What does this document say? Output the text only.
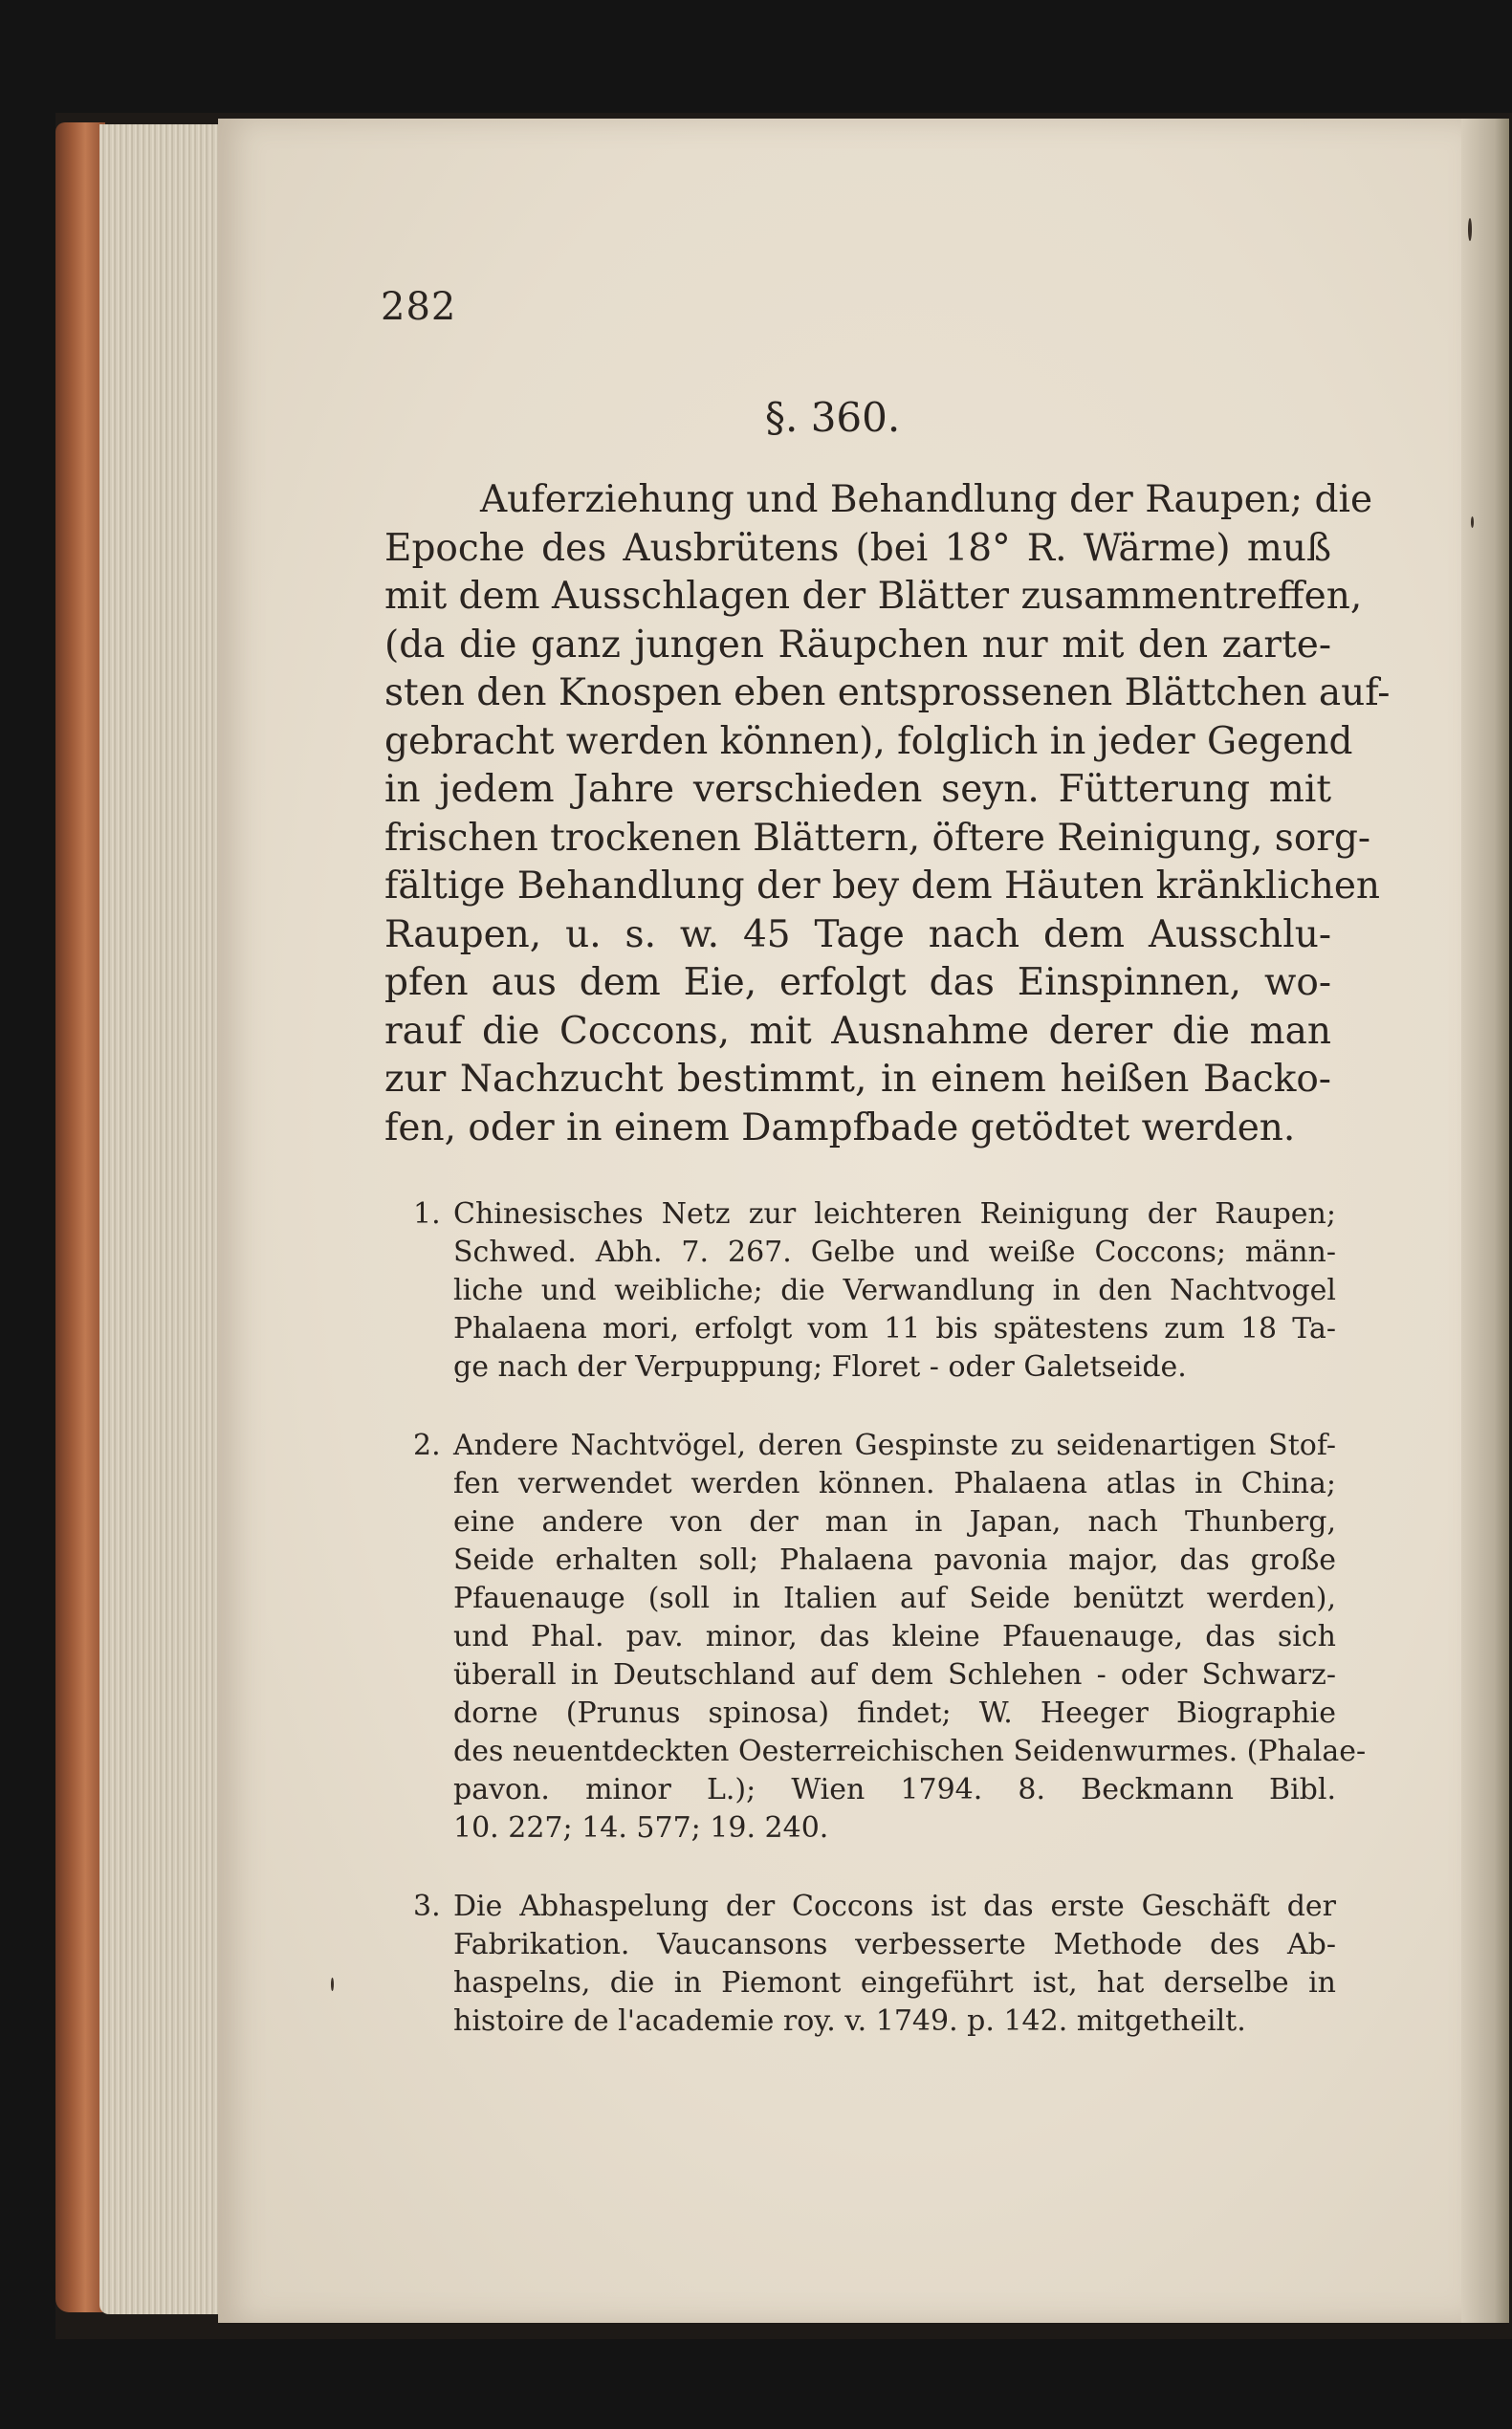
282
§. 360.
Auferziehung und Behandlung der Raupen; die
Epoche des Ausbrütens (bei 18° R. Wärme) muß
mit dem Ausschlagen der Blätter zusammentreffen,
(da die ganz jungen Räupchen nur mit den zarte-
sten den Knospen eben entsprossenen Blättchen auf-
gebracht werden können), folglich in jeder Gegend
in jedem Jahre verschieden seyn. Fütterung mit
frischen trockenen Blättern, öftere Reinigung, sorg-
fältige Behandlung der bey dem Häuten kränklichen
Raupen, u. s. w. 45 Tage nach dem Ausschlu-
pfen aus dem Eie, erfolgt das Einspinnen, wo-
rauf die Coccons, mit Ausnahme derer die man
zur Nachzucht bestimmt, in einem heißen Backo-
fen, oder in einem Dampfbade getödtet werden.
1. Chinesisches Netz zur leichteren Reinigung der Raupen;
Schwed. Abh. 7. 267. Gelbe und weiße Coccons; männ-
liche und weibliche; die Verwandlung in den Nachtvogel
Phalaena mori, erfolgt vom 11 bis spätestens zum 18 Ta-
ge nach der Verpuppung; Floret - oder Galetseide.
2. Andere Nachtvögel, deren Gespinste zu seidenartigen Stof-
fen verwendet werden können. Phalaena atlas in China;
eine andere von der man in Japan, nach Thunberg,
Seide erhalten soll; Phalaena pavonia major, das große
Pfauenauge (soll in Italien auf Seide benützt werden),
und Phal. pav. minor, das kleine Pfauenauge, das sich
überall in Deutschland auf dem Schlehen - oder Schwarz-
dorne (Prunus spinosa) findet; W. Heeger Biographie
des neuentdeckten Oesterreichischen Seidenwurmes. (Phalae-
pavon. minor L.); Wien 1794. 8. Beckmann Bibl.
10. 227; 14. 577; 19. 240.
3. Die Abhaspelung der Coccons ist das erste Geschäft der
Fabrikation. Vaucansons verbesserte Methode des Ab-
haspelns, die in Piemont eingeführt ist, hat derselbe in
histoire de l'academie roy. v. 1749. p. 142. mitgetheilt.
